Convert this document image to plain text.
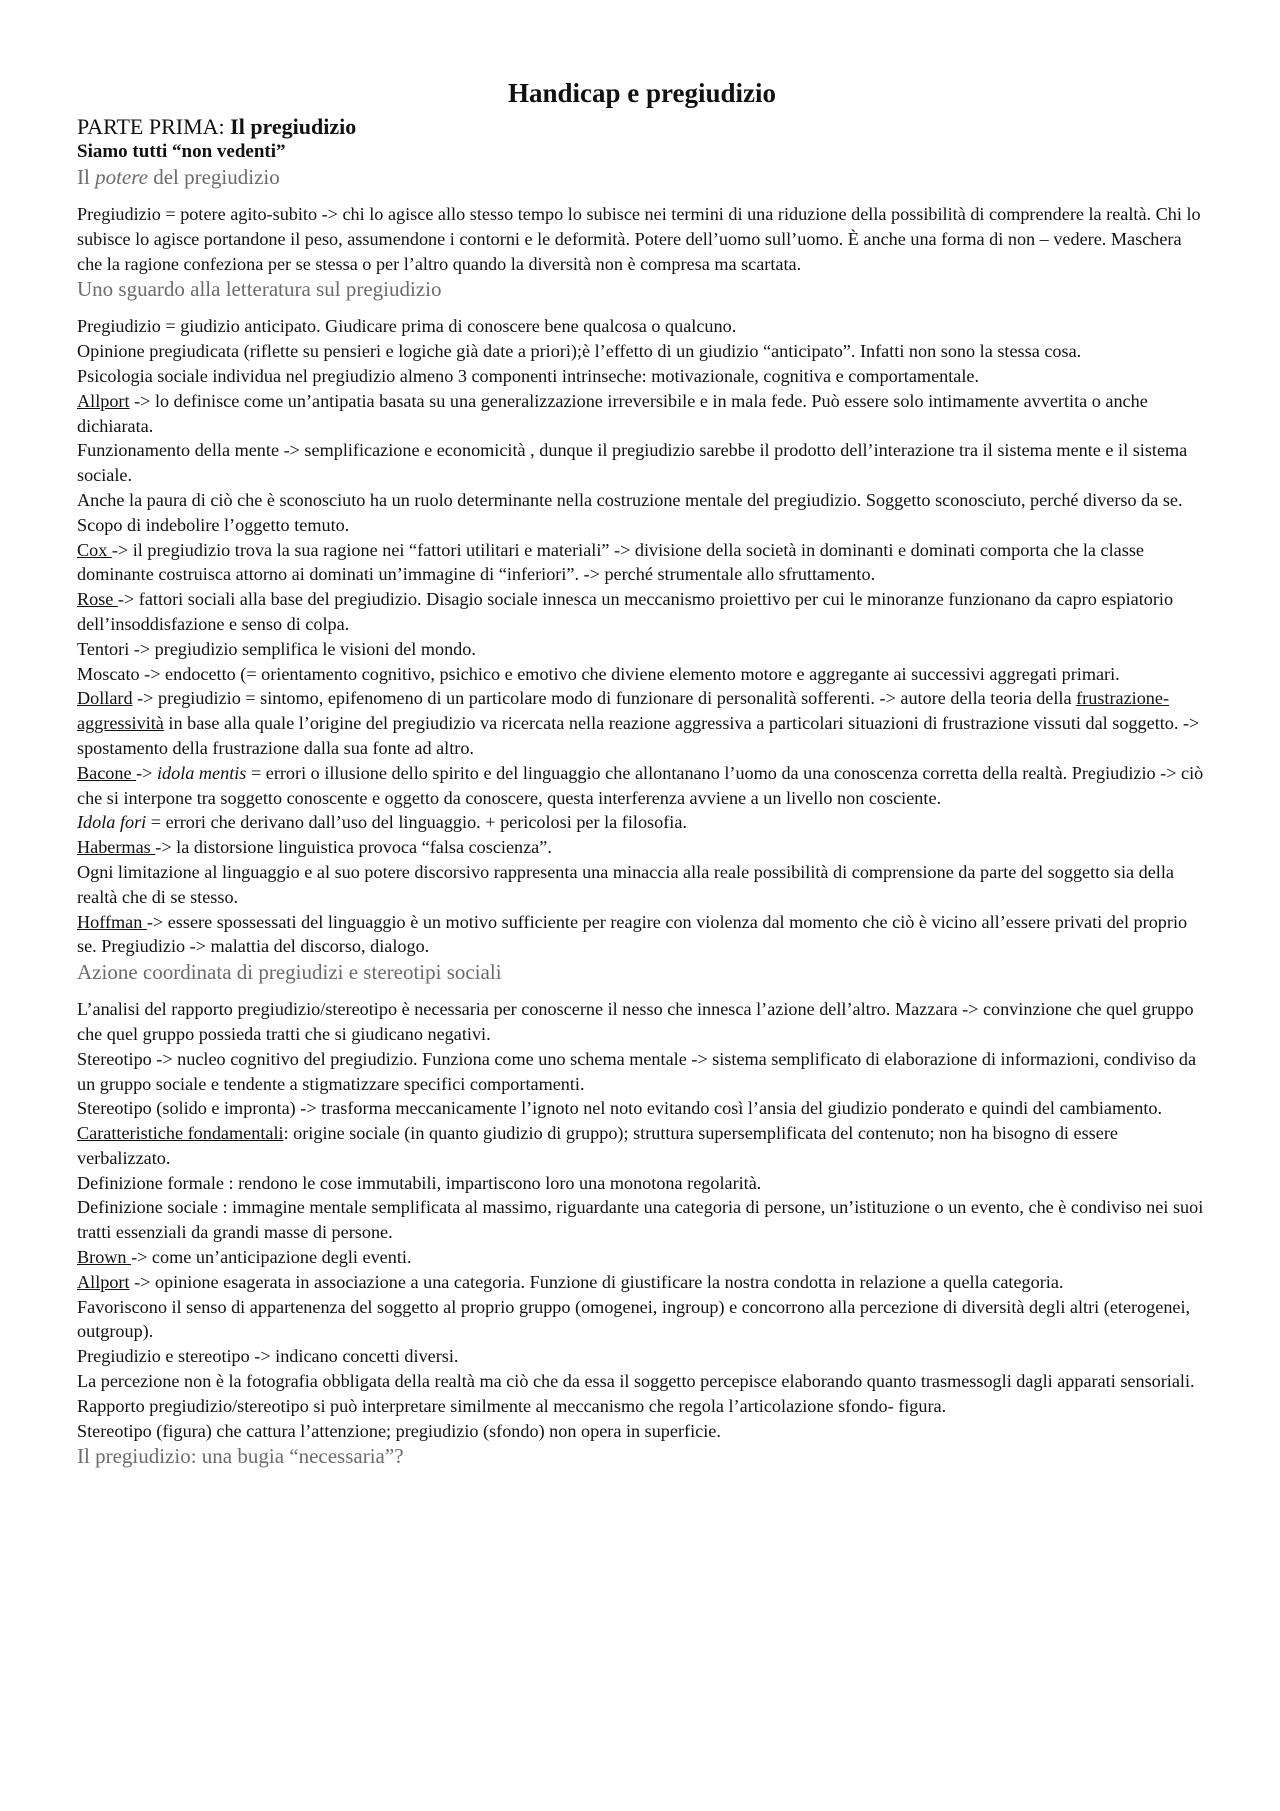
Handicap e pregiudizio
PARTE PRIMA: Il pregiudizio
Siamo tutti “non vedenti”
Il potere del pregiudizio

Pregiudizio = potere agito-subito -> chi lo agisce allo stesso tempo lo subisce nei termini di una riduzione della possibilità di comprendere la realtà. Chi lo subisce lo agisce portandone il peso, assumendone i contorni e le deformità. Potere dell’uomo sull’uomo. È anche una forma di non – vedere. Maschera che la ragione confeziona per se stessa o per l’altro quando la diversità non è compresa ma scartata.

Uno sguardo alla letteratura sul pregiudizio

Pregiudizio = giudizio anticipato. Giudicare prima di conoscere bene qualcosa o qualcuno.

Opinione pregiudicata (riflette su pensieri e logiche già date a priori);è l’effetto di un giudizio “anticipato”. Infatti non sono la stessa cosa.

Psicologia sociale individua nel pregiudizio almeno 3 componenti intrinseche: motivazionale, cognitiva e comportamentale.

Allport -> lo definisce come un’antipatia basata su una generalizzazione irreversibile e in mala fede. Può essere solo intimamente avvertita o anche dichiarata.

Funzionamento della mente -> semplificazione e economicità , dunque il pregiudizio sarebbe il prodotto dell’interazione tra il sistema mente e il sistema sociale.

Anche la paura di ciò che è sconosciuto ha un ruolo determinante nella costruzione mentale del pregiudizio. Soggetto sconosciuto, perché diverso da se. Scopo di indebolire l’oggetto temuto.

Cox -> il pregiudizio trova la sua ragione nei “fattori utilitari e materiali” -> divisione della società in dominanti e dominati comporta che la classe dominante costruisca attorno ai dominati un’immagine di “inferiori”. -> perché strumentale allo sfruttamento.

Rose -> fattori sociali alla base del pregiudizio. Disagio sociale innesca un meccanismo proiettivo per cui le minoranze funzionano da capro espiatorio dell’insoddisfazione e senso di colpa.

Tentori -> pregiudizio semplifica le visioni del mondo.

Moscato -> endocetto (= orientamento cognitivo, psichico e emotivo che diviene elemento motore e aggregante ai successivi aggregati primari.

Dollard -> pregiudizio = sintomo, epifenomeno di un particolare modo di funzionare di personalità sofferenti. -> autore della teoria della frustrazione- aggressività in base alla quale l’origine del pregiudizio va ricercata nella reazione aggressiva a particolari situazioni di frustrazione vissuti dal soggetto. -> spostamento della frustrazione dalla sua fonte ad altro.

Bacone -> idola mentis = errori o illusione dello spirito e del linguaggio che allontanano l’uomo da una conoscenza corretta della realtà. Pregiudizio -> ciò che si interpone tra soggetto conoscente e oggetto da conoscere, questa interferenza avviene a un livello non cosciente.

Idola fori = errori che derivano dall’uso del linguaggio. + pericolosi per la filosofia.

Habermas -> la distorsione linguistica provoca “falsa coscienza”.

Ogni limitazione al linguaggio e al suo potere discorsivo rappresenta una minaccia alla reale possibilità di comprensione da parte del soggetto sia della realtà che di se stesso.

Hoffman -> essere spossessati del linguaggio è un motivo sufficiente per reagire con violenza dal momento che ciò è vicino all’essere privati del proprio se. Pregiudizio -> malattia del discorso, dialogo.

Azione coordinata di pregiudizi e stereotipi sociali

L’analisi del rapporto pregiudizio/stereotipo è necessaria per conoscerne il nesso che innesca l’azione dell’altro. Mazzara -> convinzione che quel gruppo che quel gruppo possieda tratti che si giudicano negativi.

Stereotipo -> nucleo cognitivo del pregiudizio. Funziona come uno schema mentale -> sistema semplificato di elaborazione di informazioni, condiviso da un gruppo sociale e tendente a stigmatizzare specifici comportamenti.

Stereotipo (solido e impronta) -> trasforma meccanicamente l’ignoto nel noto evitando così l’ansia del giudizio ponderato e quindi del cambiamento.

Caratteristiche fondamentali: origine sociale (in quanto giudizio di gruppo); struttura supersemplificata del contenuto; non ha bisogno di essere verbalizzato.

Definizione formale : rendono le cose immutabili, impartiscono loro una monotona regolarità.

Definizione sociale : immagine mentale semplificata al massimo, riguardante una categoria di persone, un’istituzione o un evento, che è condiviso nei suoi tratti essenziali da grandi masse di persone.

Brown -> come un’anticipazione degli eventi.

Allport -> opinione esagerata in associazione a una categoria. Funzione di giustificare la nostra condotta in relazione a quella categoria.

Favoriscono il senso di appartenenza del soggetto al proprio gruppo (omogenei, ingroup) e concorrono alla percezione di diversità degli altri (eterogenei, outgroup).

Pregiudizio e stereotipo -> indicano concetti diversi.

La percezione non è la fotografia obbligata della realtà ma ciò che da essa il soggetto percepisce elaborando quanto trasmessogli dagli apparati sensoriali.

Rapporto pregiudizio/stereotipo si può interpretare similmente al meccanismo che regola l’articolazione sfondo- figura.

Stereotipo (figura) che cattura l’attenzione; pregiudizio (sfondo) non opera in superficie.

Il pregiudizio: una bugia “necessaria”?
